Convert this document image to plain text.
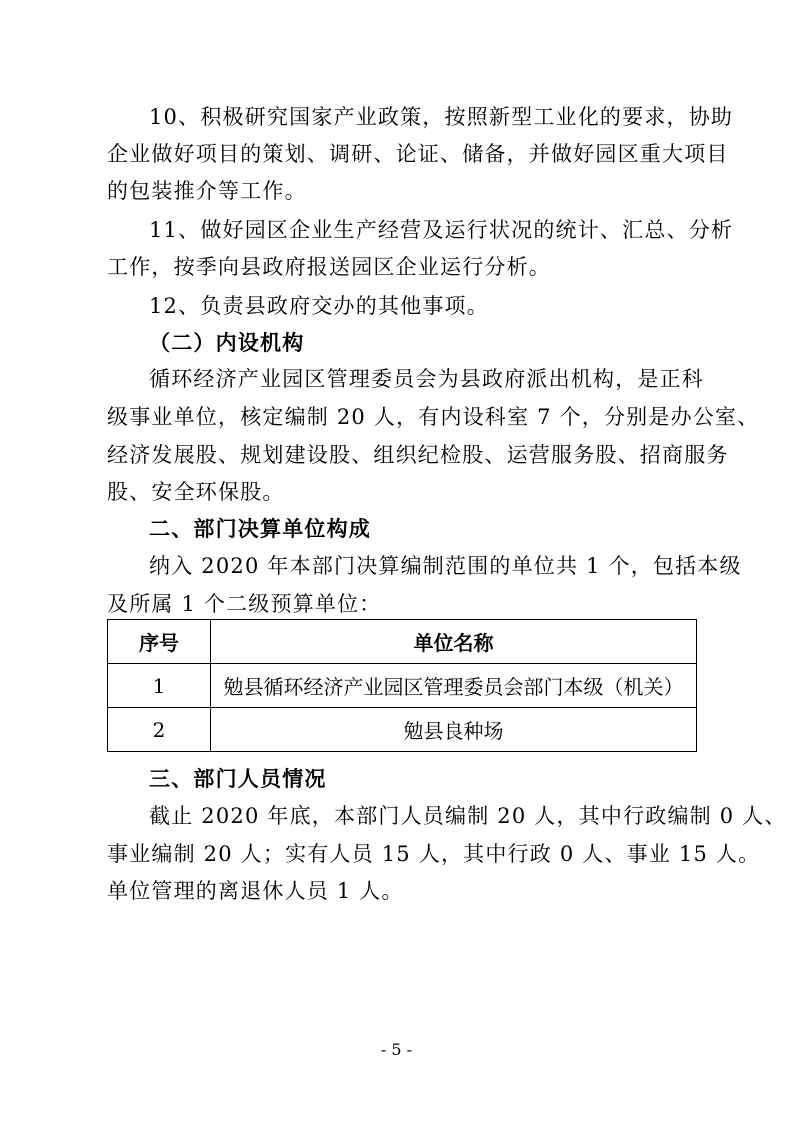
10、积极研究国家产业政策，按照新型工业化的要求，协助
企业做好项目的策划、调研、论证、储备，并做好园区重大项目
的包装推介等工作。
11、做好园区企业生产经营及运行状况的统计、汇总、分析
工作，按季向县政府报送园区企业运行分析。
12、负责县政府交办的其他事项。
（二）内设机构
循环经济产业园区管理委员会为县政府派出机构，是正科
级事业单位，核定编制 20 人，有内设科室 7 个，分别是办公室、
经济发展股、规划建设股、组织纪检股、运营服务股、招商服务
股、安全环保股。
二、部门决算单位构成
纳入 2020 年本部门决算编制范围的单位共 1 个，包括本级
及所属 1 个二级预算单位：
序号	单位名称
1	勉县循环经济产业园区管理委员会部门本级（机关）
2	勉县良种场
三、部门人员情况
截止 2020 年底，本部门人员编制 20 人，其中行政编制 0 人、
事业编制 20 人；实有人员 15 人，其中行政 0 人、事业 15 人。
单位管理的离退休人员 1 人。
- 5 -
